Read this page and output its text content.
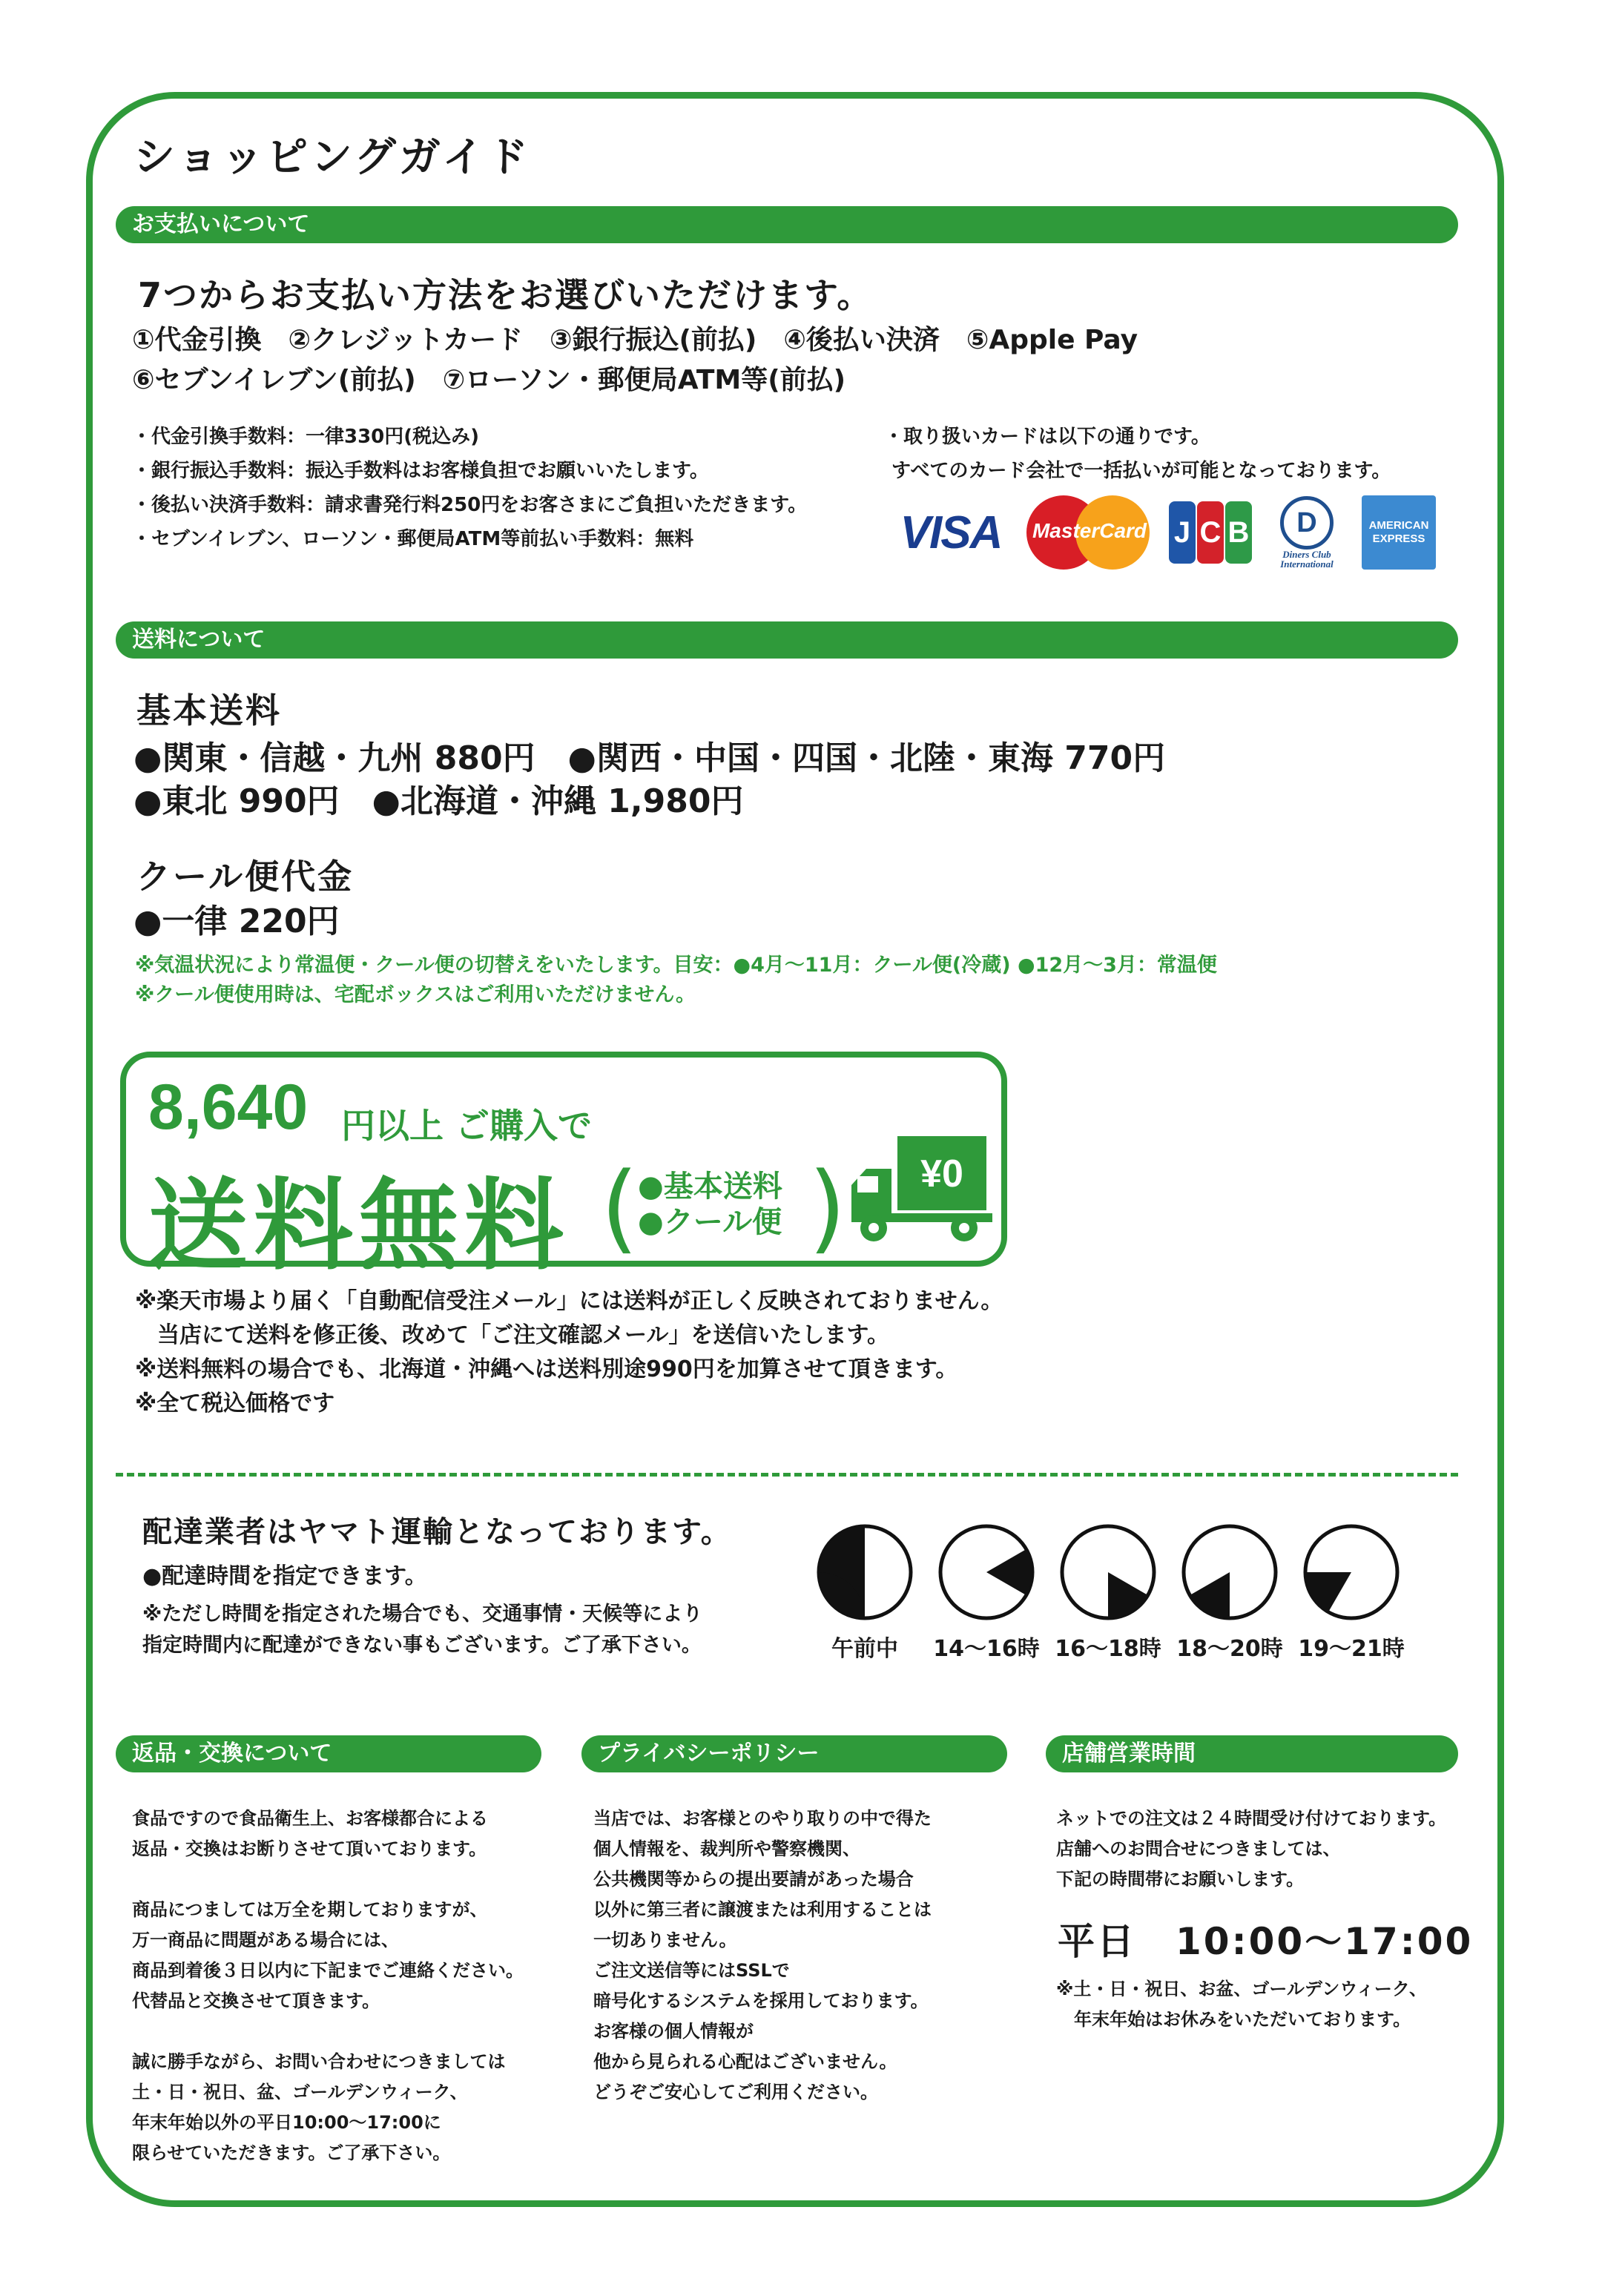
ショッピングガイド
お支払いについて
7つからお支払い方法をお選びいただけます。
①代金引換　②クレジットカード　③銀行振込(前払)　④後払い決済　⑤Apple Pay
⑥セブンイレブン(前払)　⑦ローソン・郵便局ATM等(前払)
・代金引換手数料：一律330円(税込み)
・銀行振込手数料：振込手数料はお客様負担でお願いいたします。
・後払い決済手数料：請求書発行料250円をお客さまにご負担いただきます。
・セブンイレブン、ローソン・郵便局ATM等前払い手数料：無料
・取り扱いカードは以下の通りです。
すべてのカード会社で一括払いが可能となっております。
VISA	MasterCard J C B	D
Diners Club International
AMERICAN
EXPRESS
送料について
基本送料
●関東・信越・九州 880円　●関西・中国・四国・北陸・東海 770円
●東北 990円　●北海道・沖縄 1,980円
クール便代金
●一律 220円
※気温状況により常温便・クール便の切替えをいたします。目安：●4月～11月：クール便(冷蔵) ●12月～3月：常温便
※クール便使用時は、宅配ボックスはご利用いただけません。
8,640 円以上 ご購入で
送料無料 ( ●基本送料
●クール便 ) ¥0
※楽天市場より届く「自動配信受注メール」には送料が正しく反映されておりません。
　当店にて送料を修正後、改めて「ご注文確認メール」を送信いたします。
※送料無料の場合でも、北海道・沖縄へは送料別途990円を加算させて頂きます。
※全て税込価格です
配達業者はヤマト運輸となっております。
●配達時間を指定できます。
※ただし時間を指定された場合でも、交通事情・天候等により
指定時間内に配達ができない事もございます。ご了承下さい。	午前中 14～16時 16～18時 18～20時 19～21時
返品・交換について	プライバシーポリシー	店舗営業時間
食品ですので食品衛生上、お客様都合による
返品・交換はお断りさせて頂いております。
商品につましては万全を期しておりますが、
万一商品に問題がある場合には、
商品到着後３日以内に下記までご連絡ください。
代替品と交換させて頂きます。
誠に勝手ながら、お問い合わせにつきましては
土・日・祝日、盆、ゴールデンウィーク、
年末年始以外の平日10:00～17:00に
限らせていただきます。ご了承下さい。
当店では、お客様とのやり取りの中で得た
個人情報を、裁判所や警察機関、
公共機関等からの提出要請があった場合
以外に第三者に譲渡または利用することは
一切ありません。
ご注文送信等にはSSLで
暗号化するシステムを採用しております。
お客様の個人情報が
他から見られる心配はございません。
どうぞご安心してご利用ください。
ネットでの注文は２４時間受け付けております。
店舗へのお問合せにつきましては、
下記の時間帯にお願いします。
平日　10:00～17:00
※土・日・祝日、お盆、ゴールデンウィーク、
　年末年始はお休みをいただいております。
